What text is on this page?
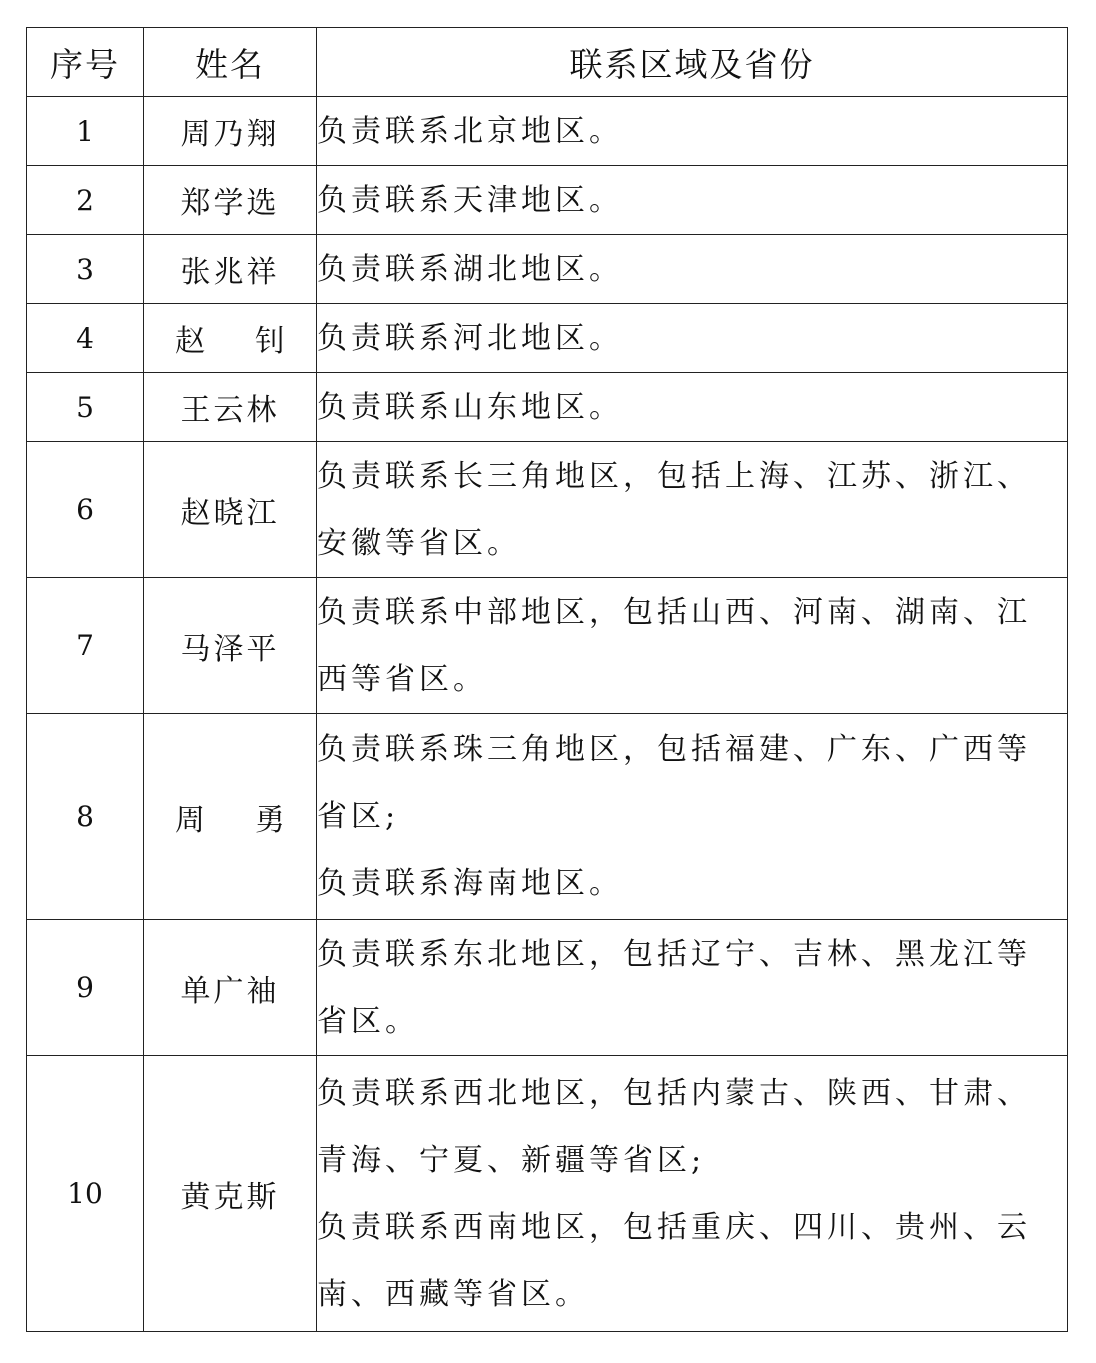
序号	姓名	联系区域及省份
1	周乃翔	负责联系北京地区。

2	郑学选	负责联系天津地区。

3	张兆祥	负责联系湖北地区。

4	赵 钊	负责联系河北地区。

5	王云林	负责联系山东地区。

6	赵晓江	负责联系长三角地区，包括上海、江苏、浙江、
安徽等省区。

7	马泽平	负责联系中部地区，包括山西、河南、湖南、江
西等省区。

8	周 勇	负责联系珠三角地区，包括福建、广东、广西等
省区;
负责联系海南地区。

9	单广袖	负责联系东北地区，包括辽宁、吉林、黑龙江等
省区。

10	黄克斯	负责联系西北地区，包括内蒙古、陕西、甘肃、
青海、宁夏、新疆等省区;
负责联系西南地区，包括重庆、四川、贵州、云
南、西藏等省区。
